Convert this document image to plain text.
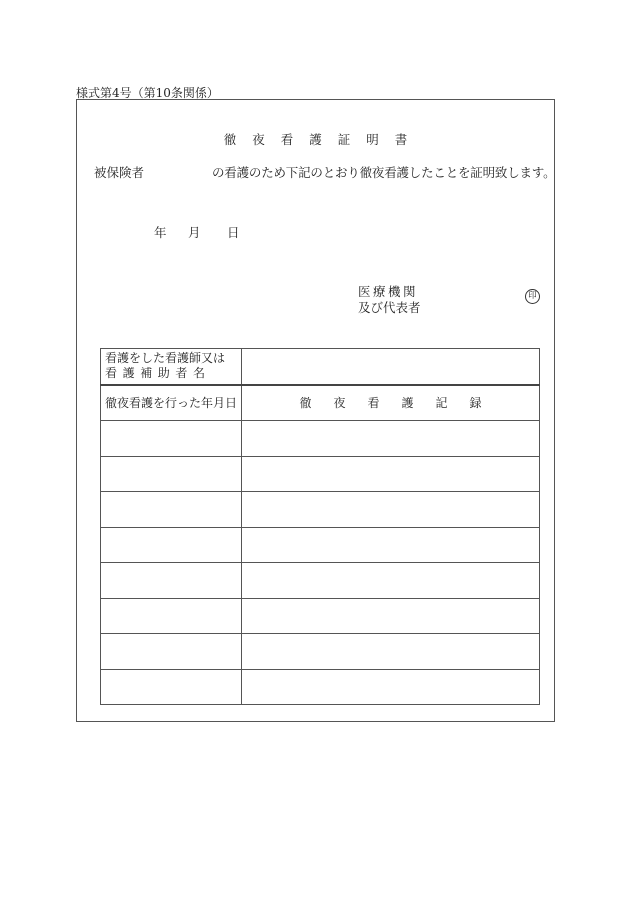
様式第4号（第10条関係）
徹 夜 看 護 証 明 書
被保険者	の看護のため下記のとおり徹夜看護したことを証明致します。
年 月 日
医療機関
及び代表者
印
看護をした看護師又は
看護補助者名	

徹夜看護を行った年月日	徹 夜 看 護 記 録
